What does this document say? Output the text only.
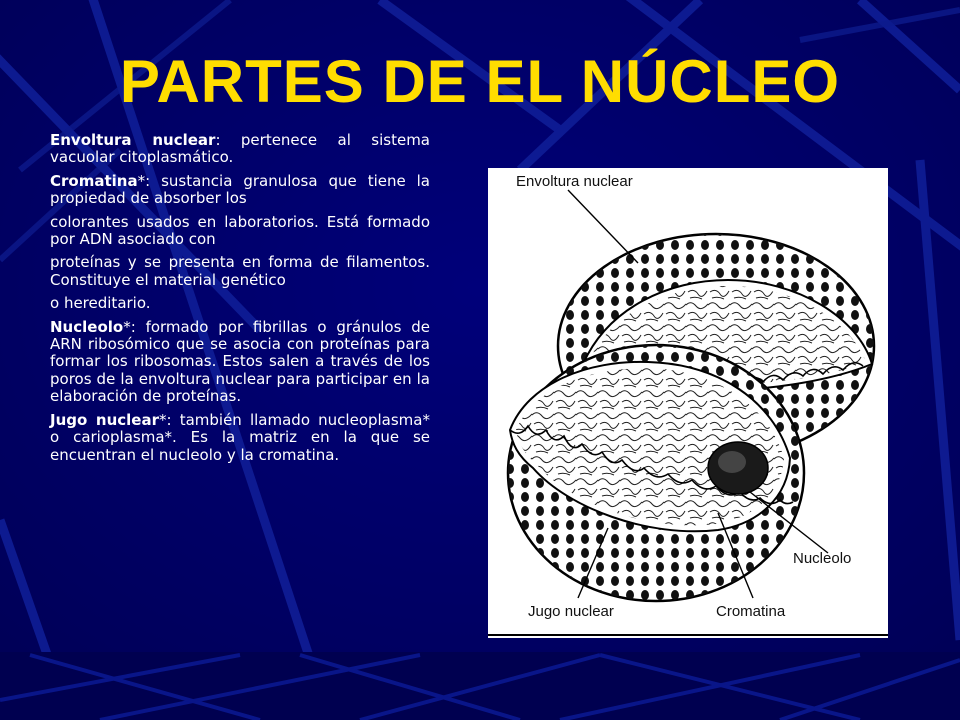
PARTES DE EL NÚCLEO

Envoltura nuclear: pertenece al sistema vacuolar citoplasmático.

Cromatina*: sustancia granulosa que tiene la propiedad de absorber los

colorantes usados en laboratorios. Está formado por ADN asociado con

proteínas y se presenta en forma de filamentos. Constituye el material genético

o hereditario.

Nucleolo*: formado por fibrillas o gránulos de ARN ribosómico que se asocia con proteínas para formar los ribosomas. Estos salen a través de los poros de la envoltura nuclear para participar en la elaboración de proteínas.

Jugo nuclear*: también llamado nucleoplasma* o carioplasma*. Es la matriz en la que se encuentran el nucleolo y la cromatina.

Envoltura nuclear
Nucleolo
Jugo nuclear	Cromatina
